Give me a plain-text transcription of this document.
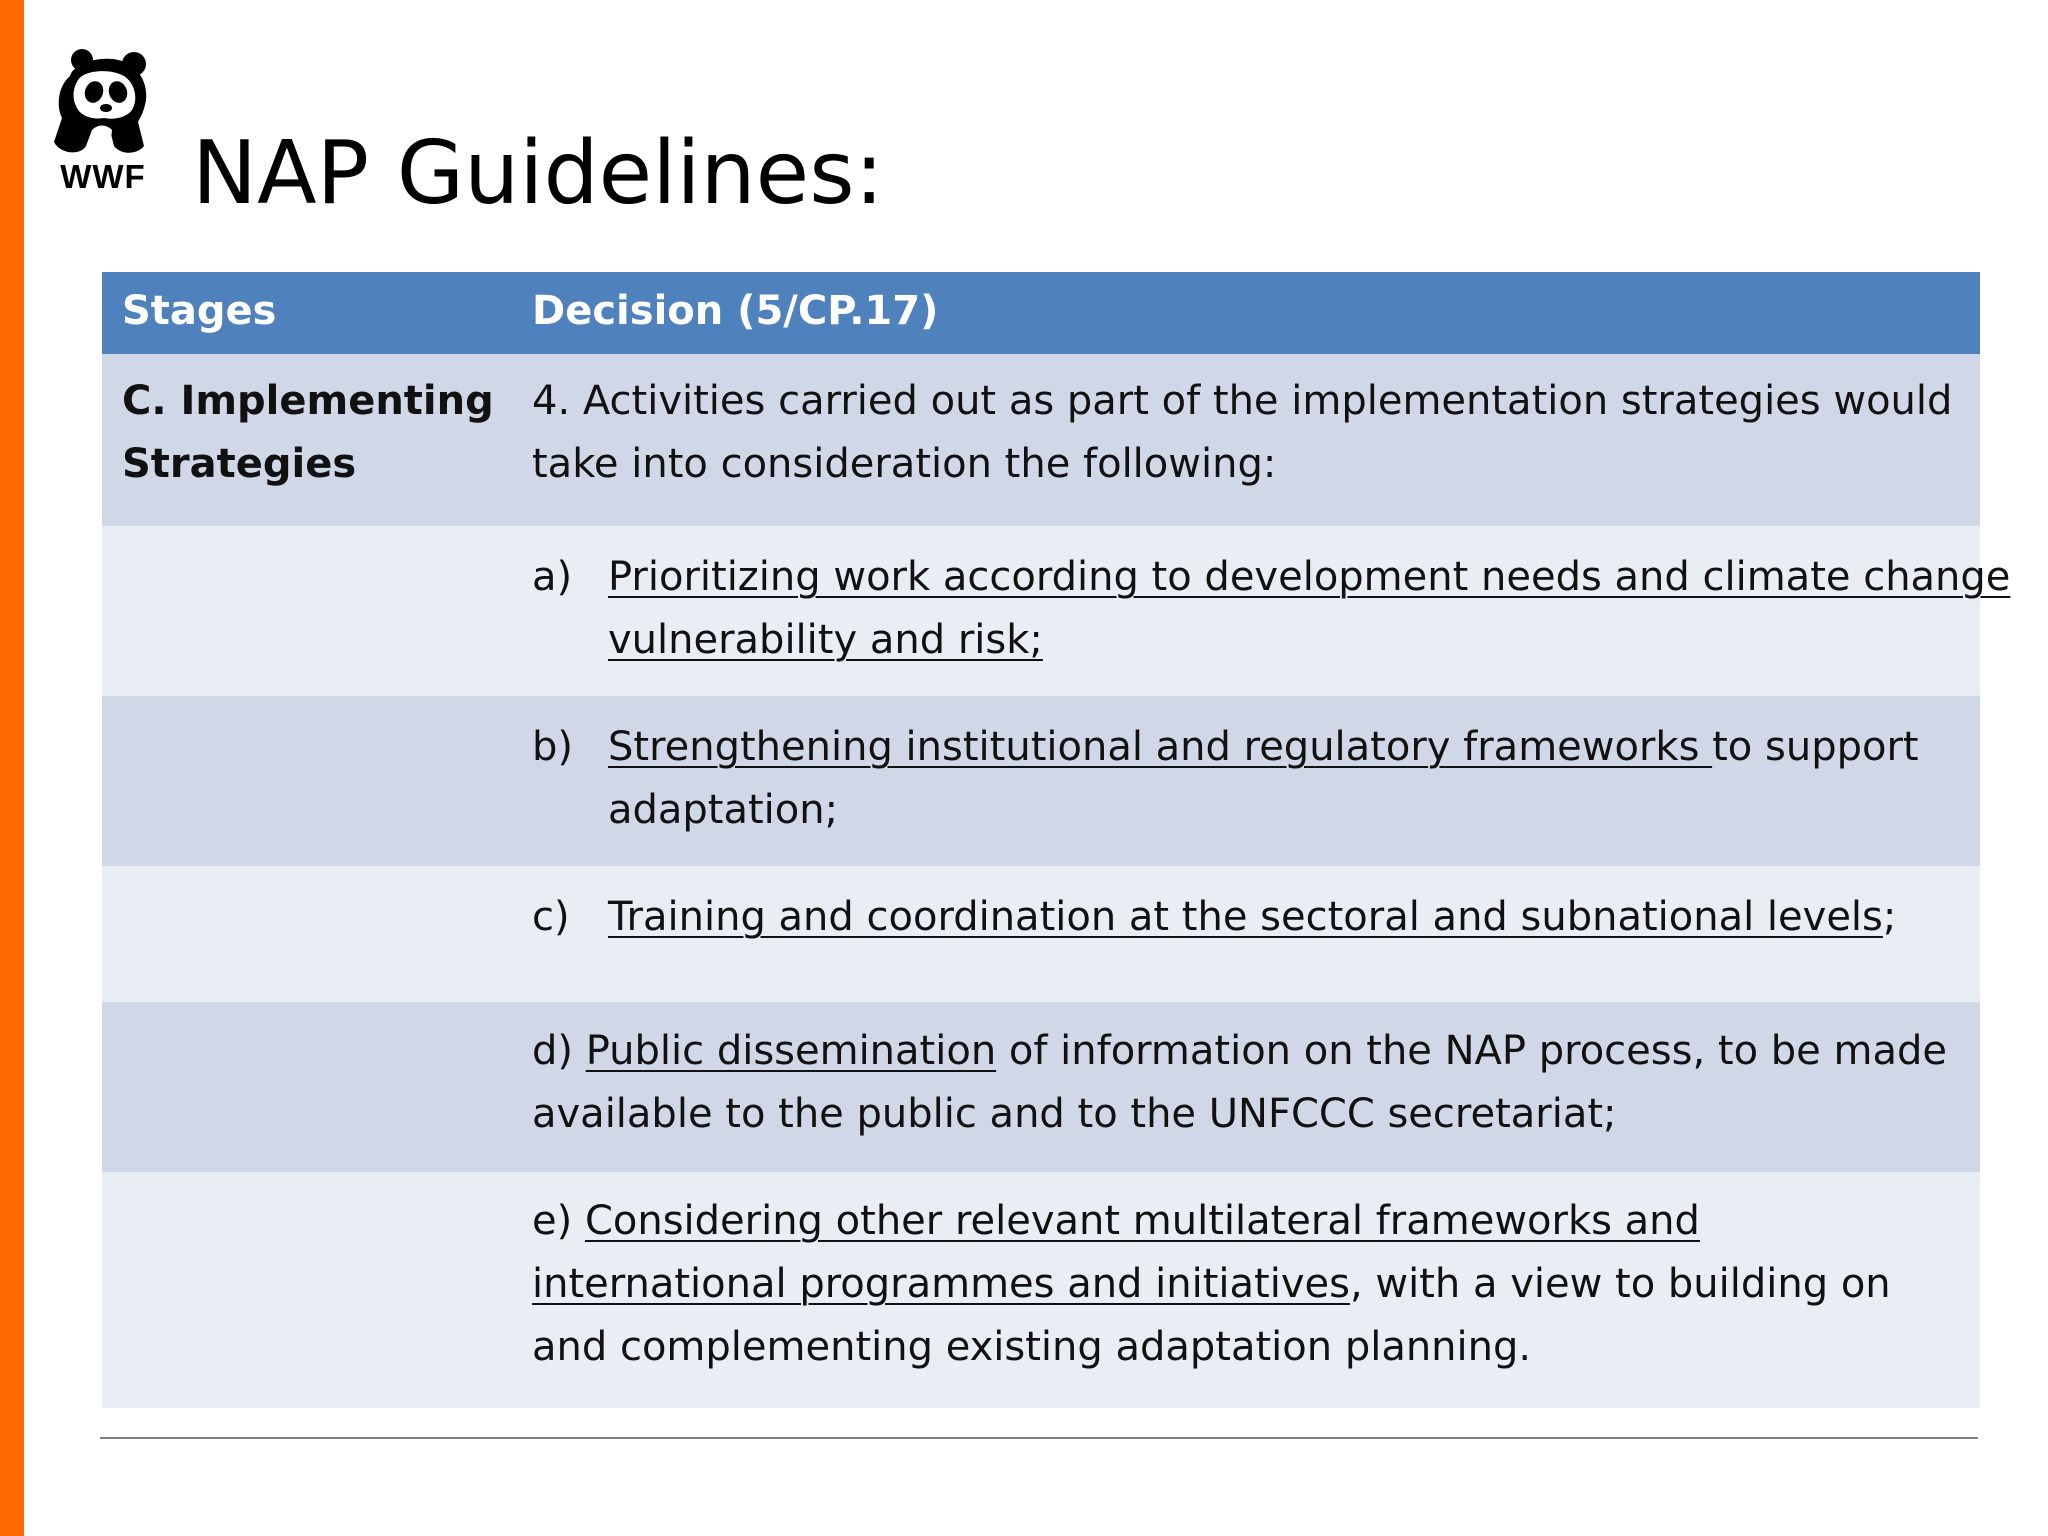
WWF NAP Guidelines:
Stages	Decision (5/CP.17)
C. Implementing
Strategies
4. Activities carried out as part of the implementation strategies would take into consideration the following:
a) Prioritizing work according to development needs and climate change vulnerability and risk;
b) Strengthening institutional and regulatory frameworks to support adaptation;
c) Training and coordination at the sectoral and subnational levels;
d) Public dissemination of information on the NAP process, to be made available to the public and to the UNFCCC secretariat;
e) Considering other relevant multilateral frameworks and international programmes and initiatives, with a view to building on and complementing existing adaptation planning.
